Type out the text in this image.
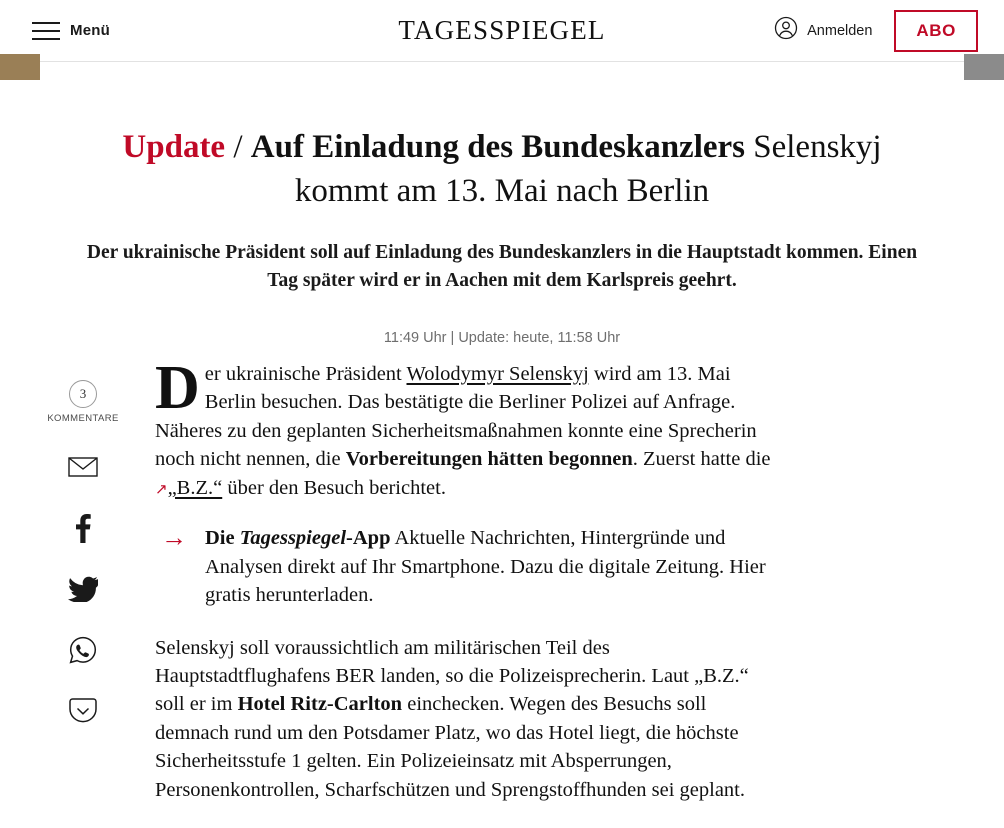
Menü	TAGESSPIEGEL	Anmelden	ABO
Update / Auf Einladung des Bundeskanzlers Selenskyj kommt am 13. Mai nach Berlin
Der ukrainische Präsident soll auf Einladung des Bundeskanzlers in die Hauptstadt kommen. Einen Tag später wird er in Aachen mit dem Karlspreis geehrt.
11:49 Uhr | Update: heute, 11:58 Uhr
3
KOMMENTARE Der ukrainische Präsident Wolodymyr Selenskyj wird am 13. Mai Berlin besuchen. Das bestätigte die Berliner Polizei auf Anfrage. Näheres zu den geplanten Sicherheitsmaßnahmen konnte eine Sprecherin noch nicht nennen, die Vorbereitungen hätten begonnen. Zuerst hatte die ↗„B.Z.“ über den Besuch berichtet.

→ Die Tagesspiegel-App Aktuelle Nachrichten, Hintergründe und Analysen direkt auf Ihr Smartphone. Dazu die digitale Zeitung. Hier gratis herunterladen.

Selenskyj soll voraussichtlich am militärischen Teil des Hauptstadtflughafens BER landen, so die Polizeisprecherin. Laut „B.Z.“ soll er im Hotel Ritz-Carlton einchecken. Wegen des Besuchs soll demnach rund um den Potsdamer Platz, wo das Hotel liegt, die höchste Sicherheitsstufe 1 gelten. Ein Polizeieinsatz mit Absperrungen, Personenkontrollen, Scharfschützen und Sprengstoffhunden sei geplant.
